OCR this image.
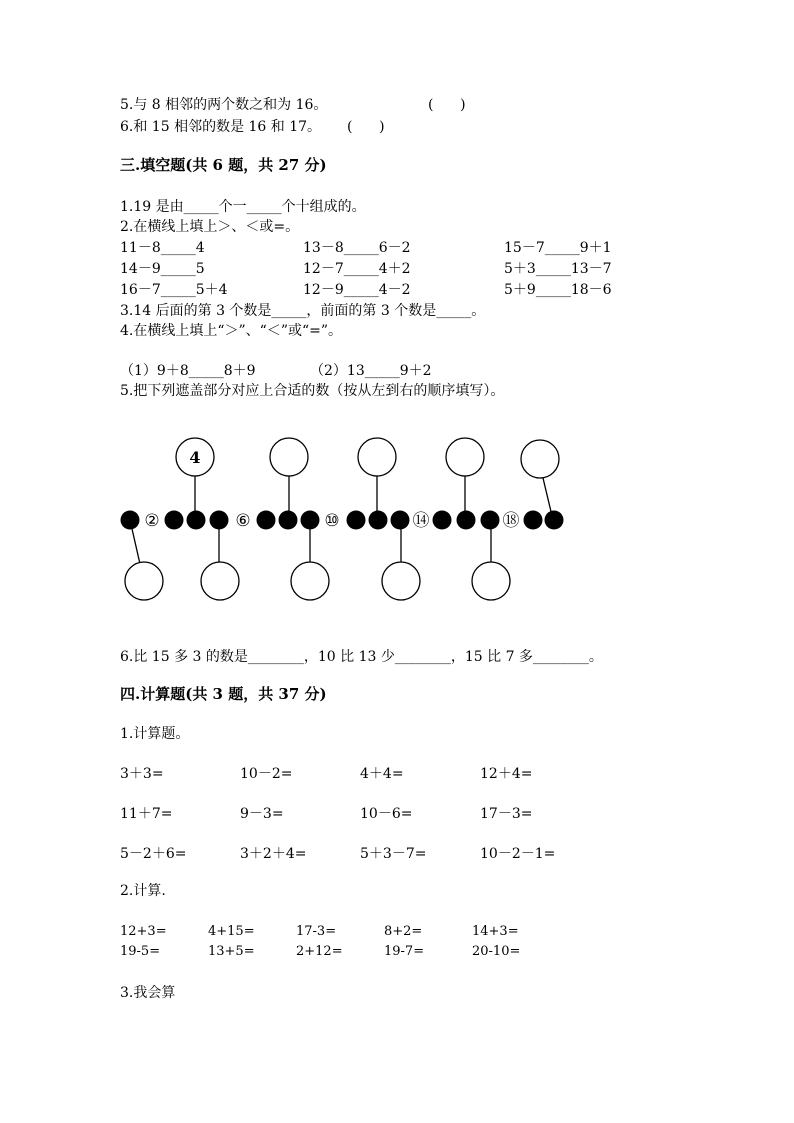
5.与 8 相邻的两个数之和为 16。	(      )
6.和 15 相邻的数是 16 和 17。 (      )
三.填空题(共 6 题，共 27 分)
1.19 是由_____个一_____个十组成的。
2.在横线上填上＞、＜或=。
11－8_____4	13－8_____6－2	15－7_____9＋1
14－9_____5	12－7_____4＋2	5＋3_____13－7
16－7_____5＋4	12－9_____4－2	5＋9_____18－6
3.14 后面的第 3 个数是_____，前面的第 3 个数是_____。
4.在横线上填上“＞”、“＜”或“=”。
（1）9＋8_____8＋9	（2）13_____9＋2
5.把下列遮盖部分对应上合适的数（按从左到右的顺序填写）。
②	⑥	⑩	⑭	⑱
4
6.比 15 多 3 的数是________，10 比 13 少________，15 比 7 多________。
四.计算题(共 3 题，共 37 分)
1.计算题。
3＋3=	10－2=	4＋4=	12＋4=
11＋7=	9－3=	10－6=	17－3=
5－2＋6=	3＋2＋4=	5＋3－7=	10－2－1=
2.计算.
12+3=	4+15=	17-3=	8+2=	14+3=
19-5=	13+5=	2+12=	19-7=	20-10=
3.我会算
